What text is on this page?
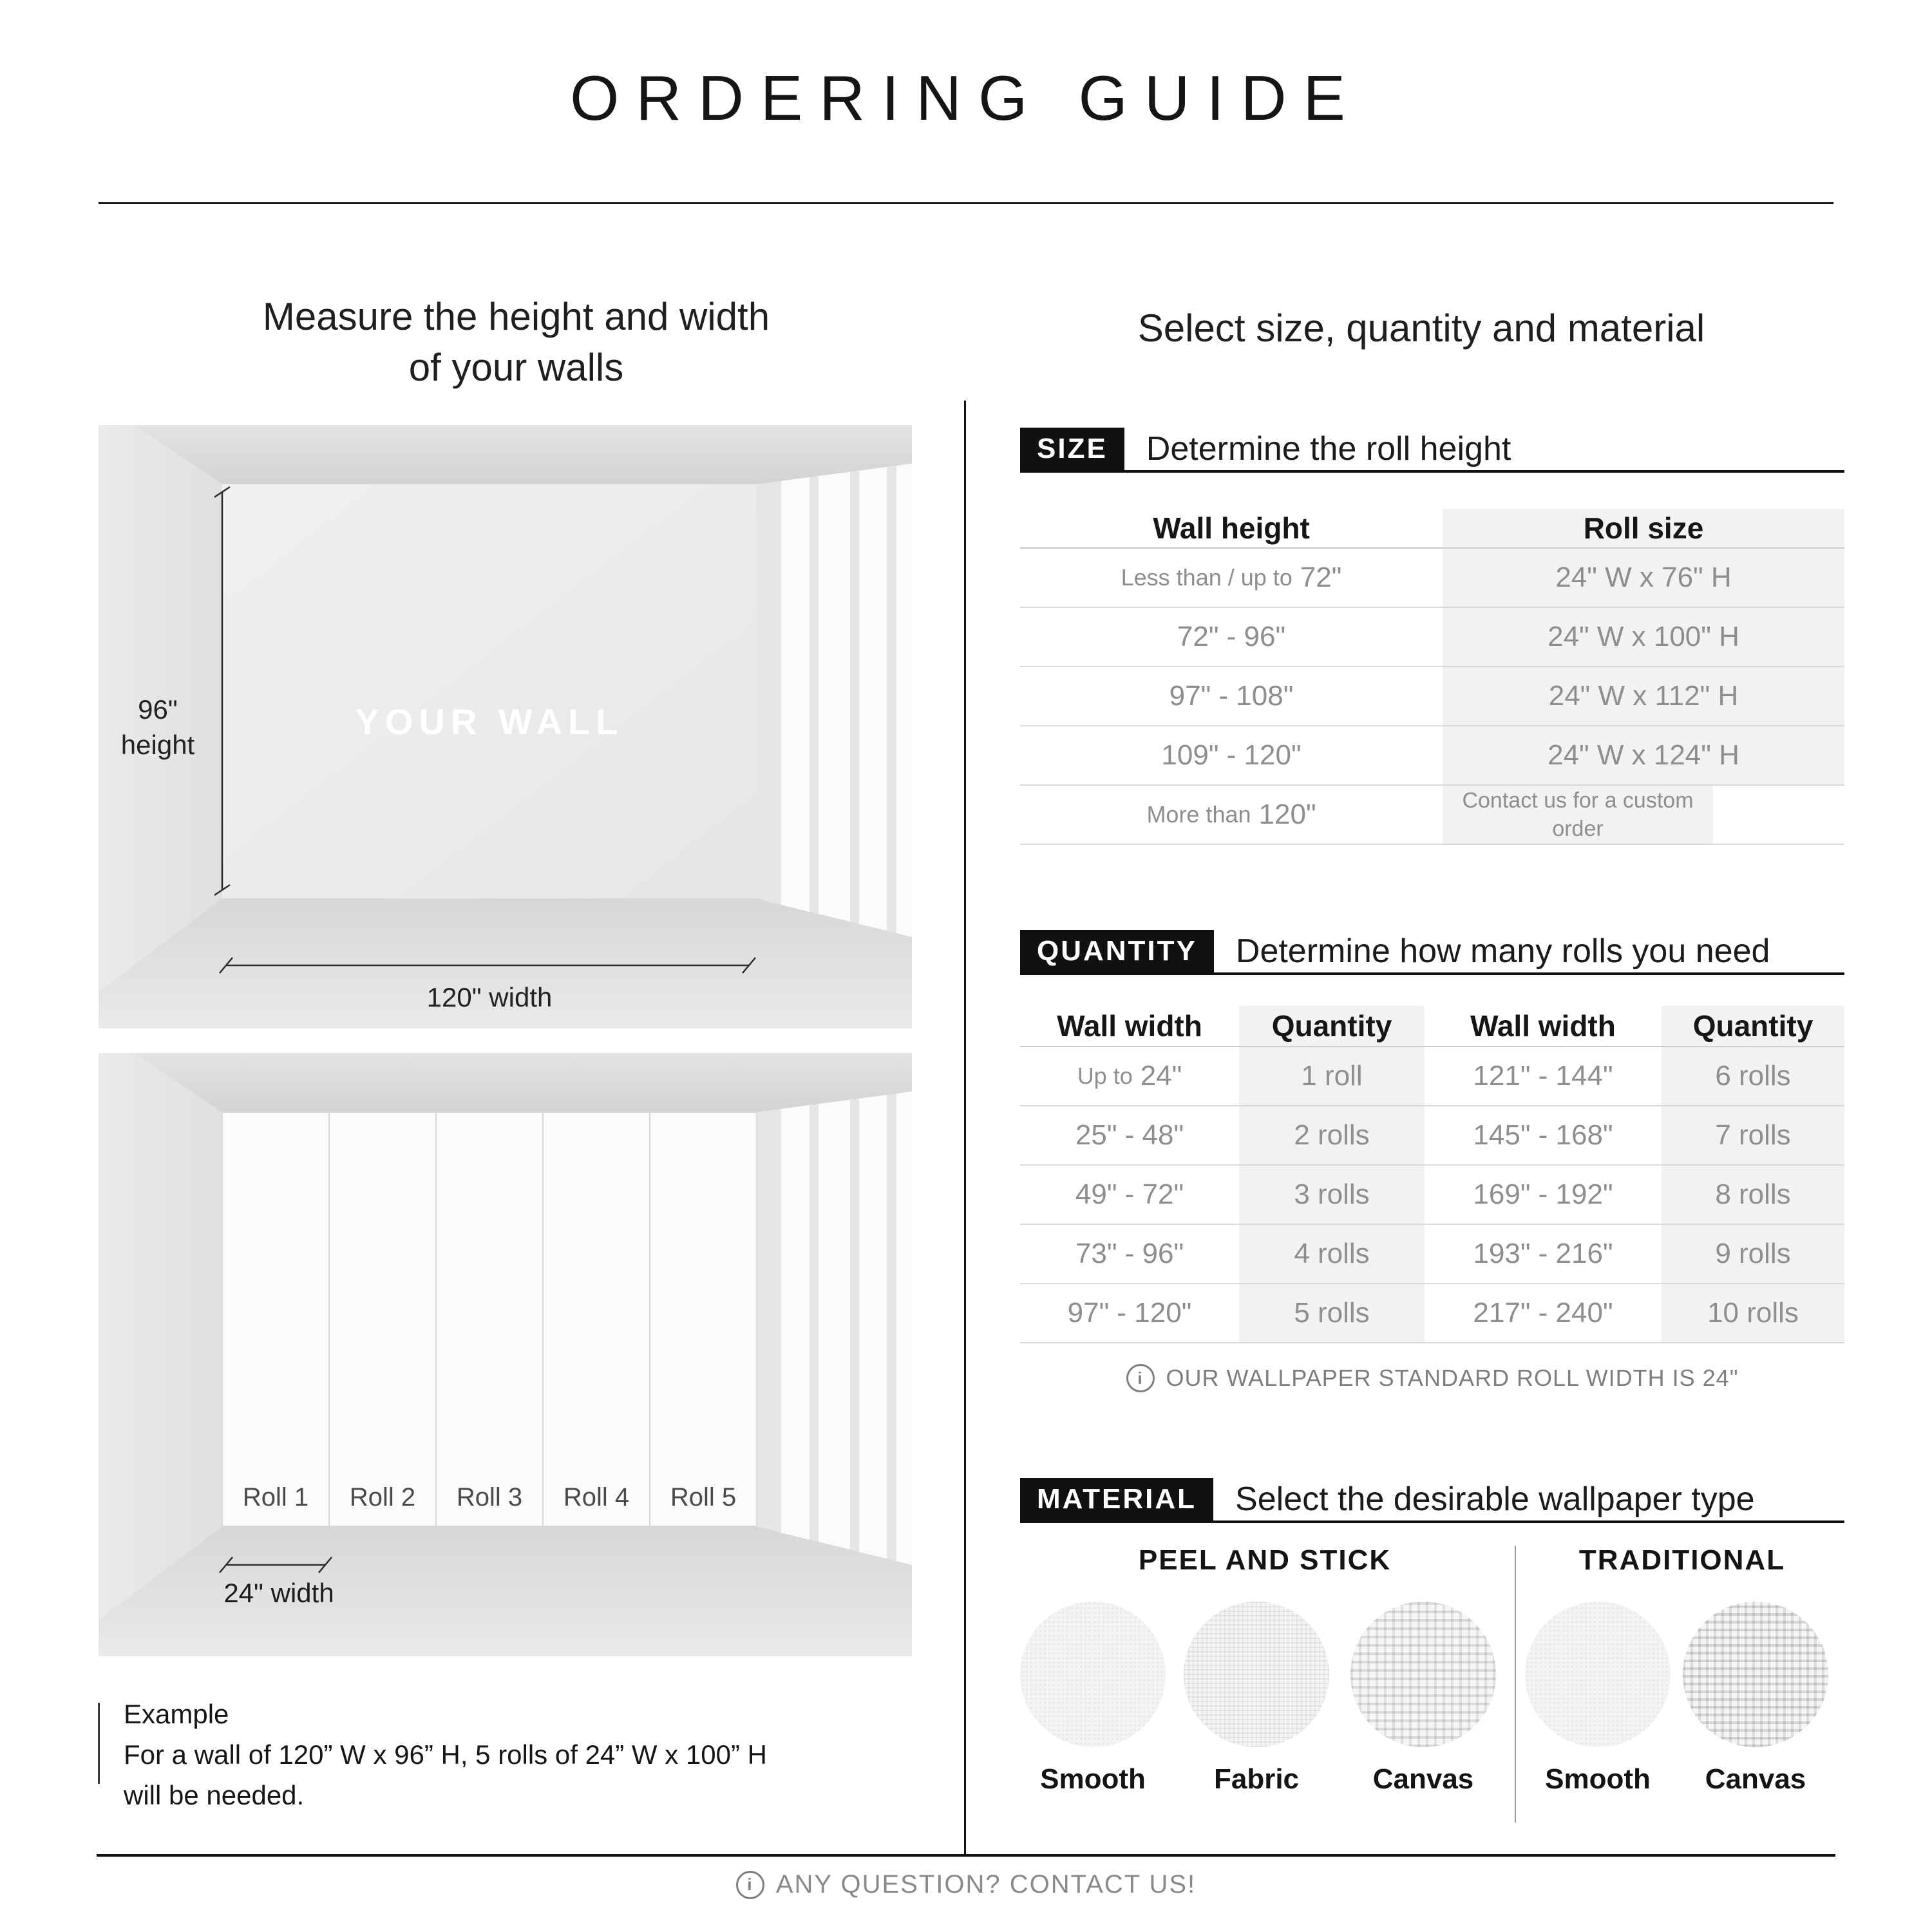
ORDERING GUIDE
Measure the height and width
of your walls
Select size, quantity and material
96"
height
YOUR WALL
120" width
Roll 1	Roll 2	Roll 3	Roll 4	Roll 5
24" width
Example
For a wall of 120” W x 96” H, 5 rolls of 24” W x 100” H
will be needed.
SIZE	Determine the roll height
Wall height	Roll size
Less than / up to 72"	24" W x 76" H
72" - 96"	24" W x 100" H
97" - 108"	24" W x 112" H
109" - 120"	24" W x 124" H
More than 120"	Contact us for a custom order
QUANTITY	Determine how many rolls you need
Wall width	Quantity	Wall width	Quantity
Up to 24"	1 roll	121" - 144"	6 rolls
25" - 48"	2 rolls	145" - 168"	7 rolls
49" - 72"	3 rolls	169" - 192"	8 rolls
73" - 96"	4 rolls	193" - 216"	9 rolls
97" - 120"	5 rolls	217" - 240"	10 rolls
i OUR WALLPAPER STANDARD ROLL WIDTH IS 24"
MATERIAL	Select the desirable wallpaper type
PEEL AND STICK	TRADITIONAL
Smooth	Fabric	Canvas	Smooth	Canvas
i ANY QUESTION? CONTACT US!
